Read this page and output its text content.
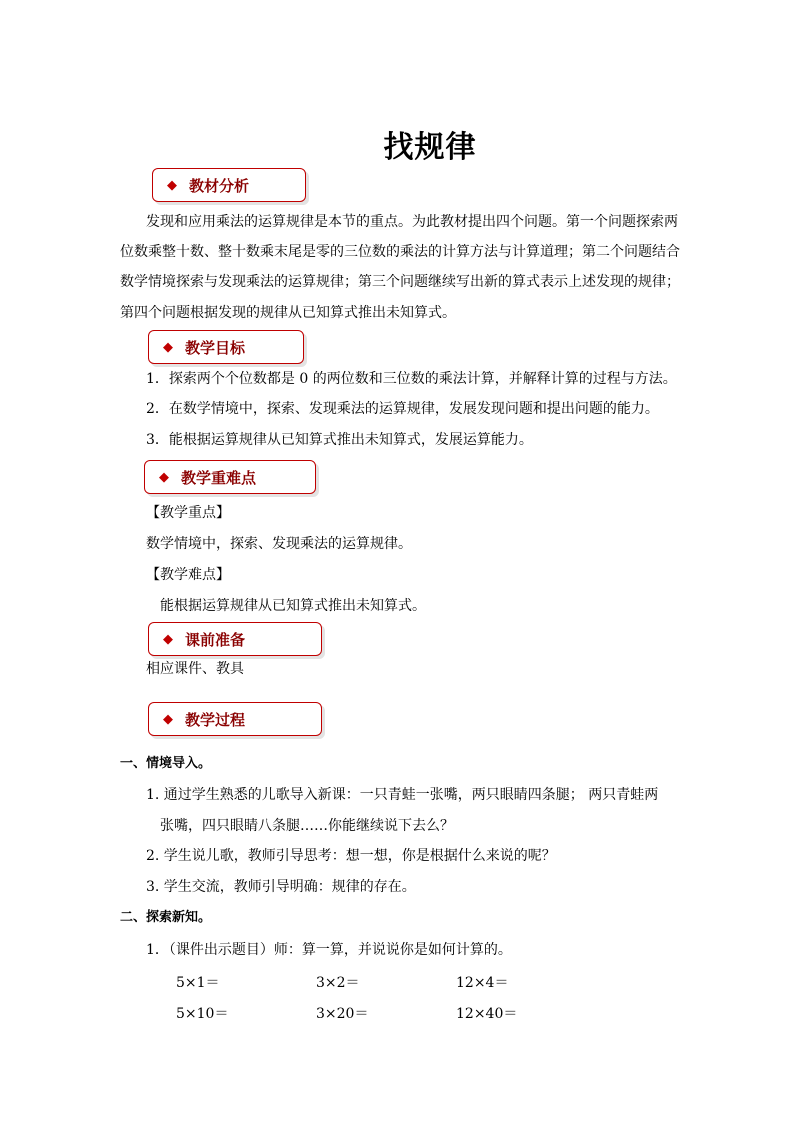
找规律
◆ 教材分析
发现和应用乘法的运算规律是本节的重点。为此教材提出四个问题。第一个问题探索两
位数乘整十数、整十数乘末尾是零的三位数的乘法的计算方法与计算道理；第二个问题结合
数学情境探索与发现乘法的运算规律；第三个问题继续写出新的算式表示上述发现的规律；
第四个问题根据发现的规律从已知算式推出未知算式。
◆ 教学目标
1．探索两个个位数都是 0 的两位数和三位数的乘法计算，并解释计算的过程与方法。
2．在数学情境中，探索、发现乘法的运算规律，发展发现问题和提出问题的能力。
3．能根据运算规律从已知算式推出未知算式，发展运算能力。
◆ 教学重难点
【教学重点】
数学情境中，探索、发现乘法的运算规律。
【教学难点】
能根据运算规律从已知算式推出未知算式。
◆ 课前准备
相应课件、教具
◆ 教学过程
一、情境导入。
1. 通过学生熟悉的儿歌导入新课：一只青蛙一张嘴，两只眼睛四条腿； 两只青蛙两
张嘴，四只眼睛八条腿……你能继续说下去么？
2. 学生说儿歌，教师引导思考：想一想，你是根据什么来说的呢？
3. 学生交流，教师引导明确：规律的存在。
二、探索新知。
1．（课件出示题目）师：算一算，并说说你是如何计算的。
5×1＝	3×2＝	12×4＝
5×10＝	3×20＝	12×40＝
